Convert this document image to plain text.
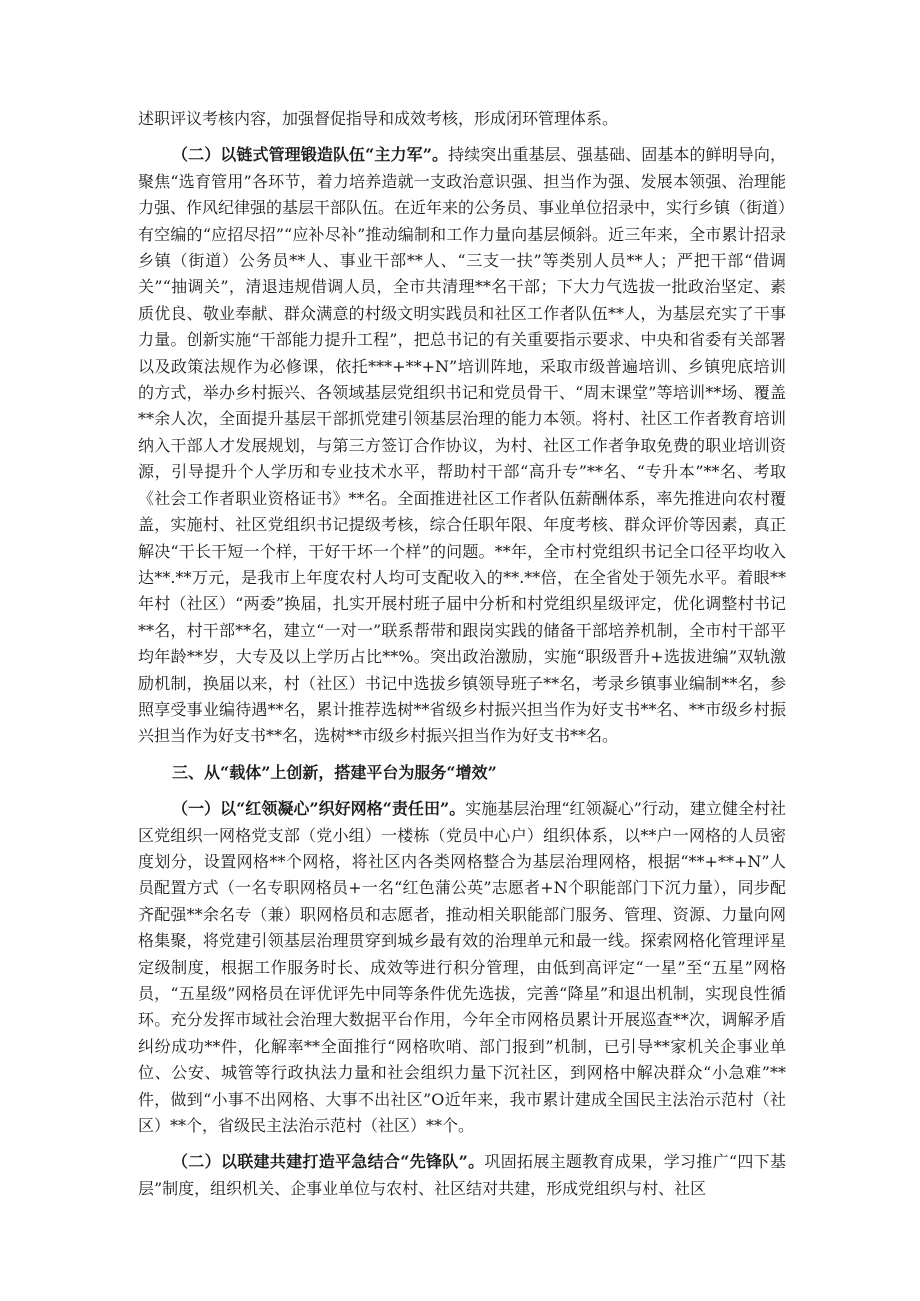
述职评议考核内容，加强督促指导和成效考核，形成闭环管理体系。

（二）以链式管理锻造队伍“主力军”。持续突出重基层、强基础、固基本的鲜明导向，聚焦“选育管用”各环节，着力培养造就一支政治意识强、担当作为强、发展本领强、治理能力强、作风纪律强的基层干部队伍。在近年来的公务员、事业单位招录中，实行乡镇（街道）有空编的“应招尽招”“应补尽补”推动编制和工作力量向基层倾斜。近三年来，全市累计招录乡镇（街道）公务员**人、事业干部**人、“三支一扶”等类别人员**人；严把干部“借调关”“抽调关”，清退违规借调人员，全市共清理**名干部；下大力气选拔一批政治坚定、素质优良、敬业奉献、群众满意的村级文明实践员和社区工作者队伍**人，为基层充实了干事力量。创新实施“干部能力提升工程”，把总书记的有关重要指示要求、中央和省委有关部署以及政策法规作为必修课，依托***+**+N”培训阵地，采取市级普遍培训、乡镇兜底培训的方式，举办乡村振兴、各领域基层党组织书记和党员骨干、“周末课堂”等培训**场、覆盖**余人次，全面提升基层干部抓党建引领基层治理的能力本领。将村、社区工作者教育培训纳入干部人才发展规划，与第三方签订合作协议，为村、社区工作者争取免费的职业培训资源，引导提升个人学历和专业技术水平，帮助村干部“高升专”**名、“专升本”**名、考取《社会工作者职业资格证书》**名。全面推进社区工作者队伍薪酬体系，率先推进向农村覆盖，实施村、社区党组织书记提级考核，综合任职年限、年度考核、群众评价等因素，真正解决“干长干短一个样，干好干坏一个样”的问题。**年，全市村党组织书记全口径平均收入达**.**万元，是我市上年度农村人均可支配收入的**.**倍，在全省处于领先水平。着眼**年村（社区）“两委”换届，扎实开展村班子届中分析和村党组织星级评定，优化调整村书记**名，村干部**名，建立“一对一”联系帮带和跟岗实践的储备干部培养机制，全市村干部平均年龄**岁，大专及以上学历占比**%。突出政治激励，实施“职级晋升+选拔进编”双轨激励机制，换届以来，村（社区）书记中选拔乡镇领导班子**名，考录乡镇事业编制**名，参照享受事业编待遇**名，累计推荐选树**省级乡村振兴担当作为好支书**名、**市级乡村振兴担当作为好支书**名，选树**市级乡村振兴担当作为好支书**名。

三、从“载体”上创新，搭建平台为服务“增效”

（一）以“红领凝心”织好网格“责任田”。实施基层治理“红领凝心”行动，建立健全村社区党组织一网格党支部（党小组）一楼栋（党员中心户）组织体系，以**户一网格的人员密度划分，设置网格**个网格，将社区内各类网格整合为基层治理网格，根据“**+**+N”人员配置方式（一名专职网格员+一名“红色蒲公英”志愿者+N个职能部门下沉力量），同步配齐配强**余名专（兼）职网格员和志愿者，推动相关职能部门服务、管理、资源、力量向网格集聚，将党建引领基层治理贯穿到城乡最有效的治理单元和最一线。探索网格化管理评星定级制度，根据工作服务时长、成效等进行积分管理，由低到高评定“一星”至“五星”网格员，“五星级”网格员在评优评先中同等条件优先选拔，完善“降星”和退出机制，实现良性循环。充分发挥市域社会治理大数据平台作用，今年全市网格员累计开展巡查**次，调解矛盾纠纷成功**件，化解率**全面推行“网格吹哨、部门报到”机制，已引导**家机关企事业单位、公安、城管等行政执法力量和社会组织力量下沉社区，到网格中解决群众“小急难”**件，做到“小事不出网格、大事不出社区”O近年来，我市累计建成全国民主法治示范村（社区）**个，省级民主法治示范村（社区）**个。

（二）以联建共建打造平急结合“先锋队”。巩固拓展主题教育成果，学习推广“四下基层”制度，组织机关、企事业单位与农村、社区结对共建，形成党组织与村、社区
